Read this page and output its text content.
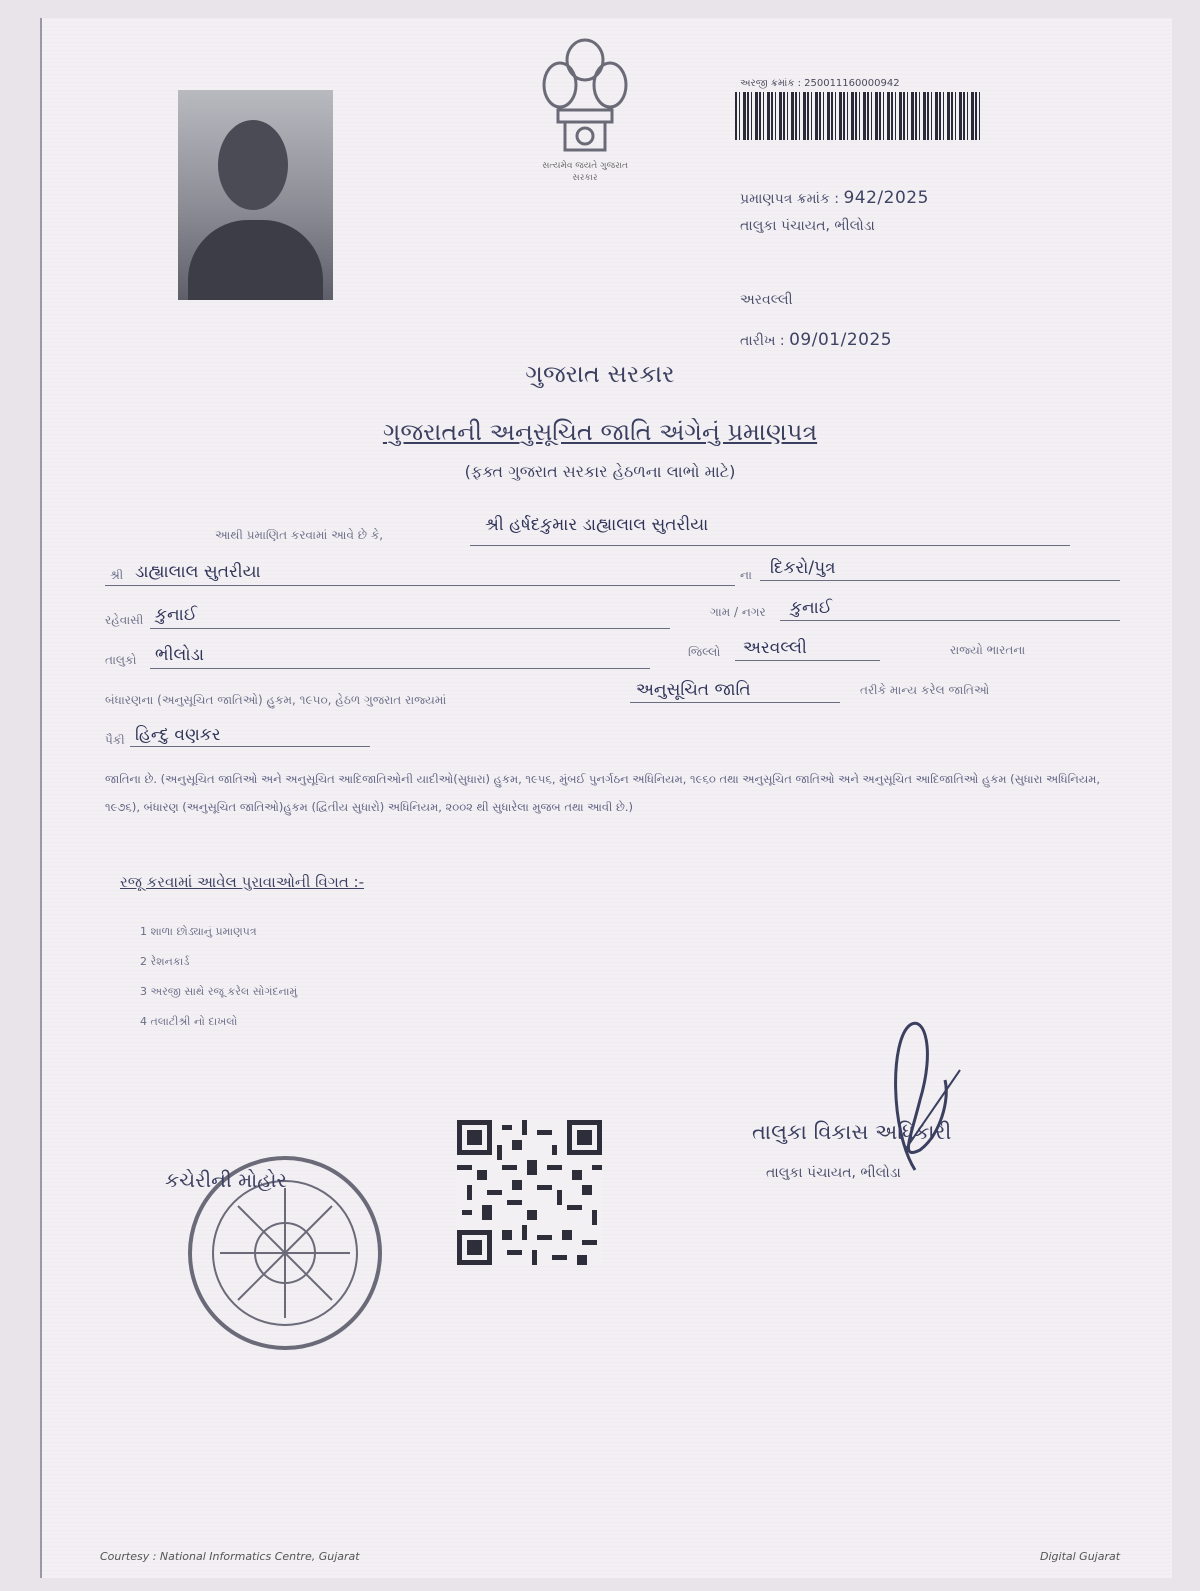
સત્યમેવ જયતે ગુજરાત સરકાર
અરજી ક્રમાંક : 250011160000942
પ્રમાણપત્ર ક્રમાંક : 942/2025
તાલુકા પંચાયત, ભીલોડા
અરવલ્લી
તારીખ : 09/01/2025
ગુજરાત સરકાર
ગુજરાતની અનુસૂચિત જાતિ અંગેનું પ્રમાણપત્ર
(ફક્ત ગુજરાત સરકાર હેઠળના લાભો માટે)
આથી પ્રમાણિત કરવામાં આવે છે કે,	શ્રી હર્ષદકુમાર ડાહ્યાલાલ સુતરીયા
શ્રી ડાહ્યાલાલ સુતરીયા	ના દિકરો/પુત્ર
રહેવાસી કુનાઈ	ગામ / નગર કુનાઈ
તાલુકો ભીલોડા	જિલ્લો અરવલ્લી	રાજ્યો ભારતના
બંધારણના (અનુસૂચિત જાતિઓ) હુકમ, ૧૯૫૦, હેઠળ ગુજરાત રાજ્યમાં	અનુસૂચિત જાતિ	તરીકે માન્ય કરેલ જાતિઓ
પૈકી હિન્દુ વણકર
જાતિના છે. (અનુસૂચિત જાતિઓ અને અનુસૂચિત આદિજાતિઓની યાદીઓ(સુધારા) હુકમ, ૧૯૫૬, મુંબઈ પુનર્ગઠન અધિનિયમ, ૧૯૬૦ તથા અનુસૂચિત જાતિઓ અને અનુસૂચિત આદિજાતિઓ હુકમ (સુધારા અધિનિયમ, ૧૯૭૬), બંધારણ (અનુસૂચિત જાતિઓ)હુકમ (દ્વિતીય સુધારો) અધિનિયમ, ૨૦૦૨ થી સુધારેલા મુજબ તથા આવી છે.)
રજૂ કરવામાં આવેલ પુરાવાઓની વિગત :-
1 શાળા છોડ્યાનું પ્રમાણપત્ર
2 રેશનકાર્ડ
3 અરજી સાથે રજૂ કરેલ સોગંદનામું
4 તલાટીશ્રી નો દાખલો
તાલુકા વિકાસ અધિકારી
તાલુકા પંચાયત, ભીલોડા
કચેરીની મોહોર
Courtesy : National Informatics Centre, Gujarat	Digital Gujarat
